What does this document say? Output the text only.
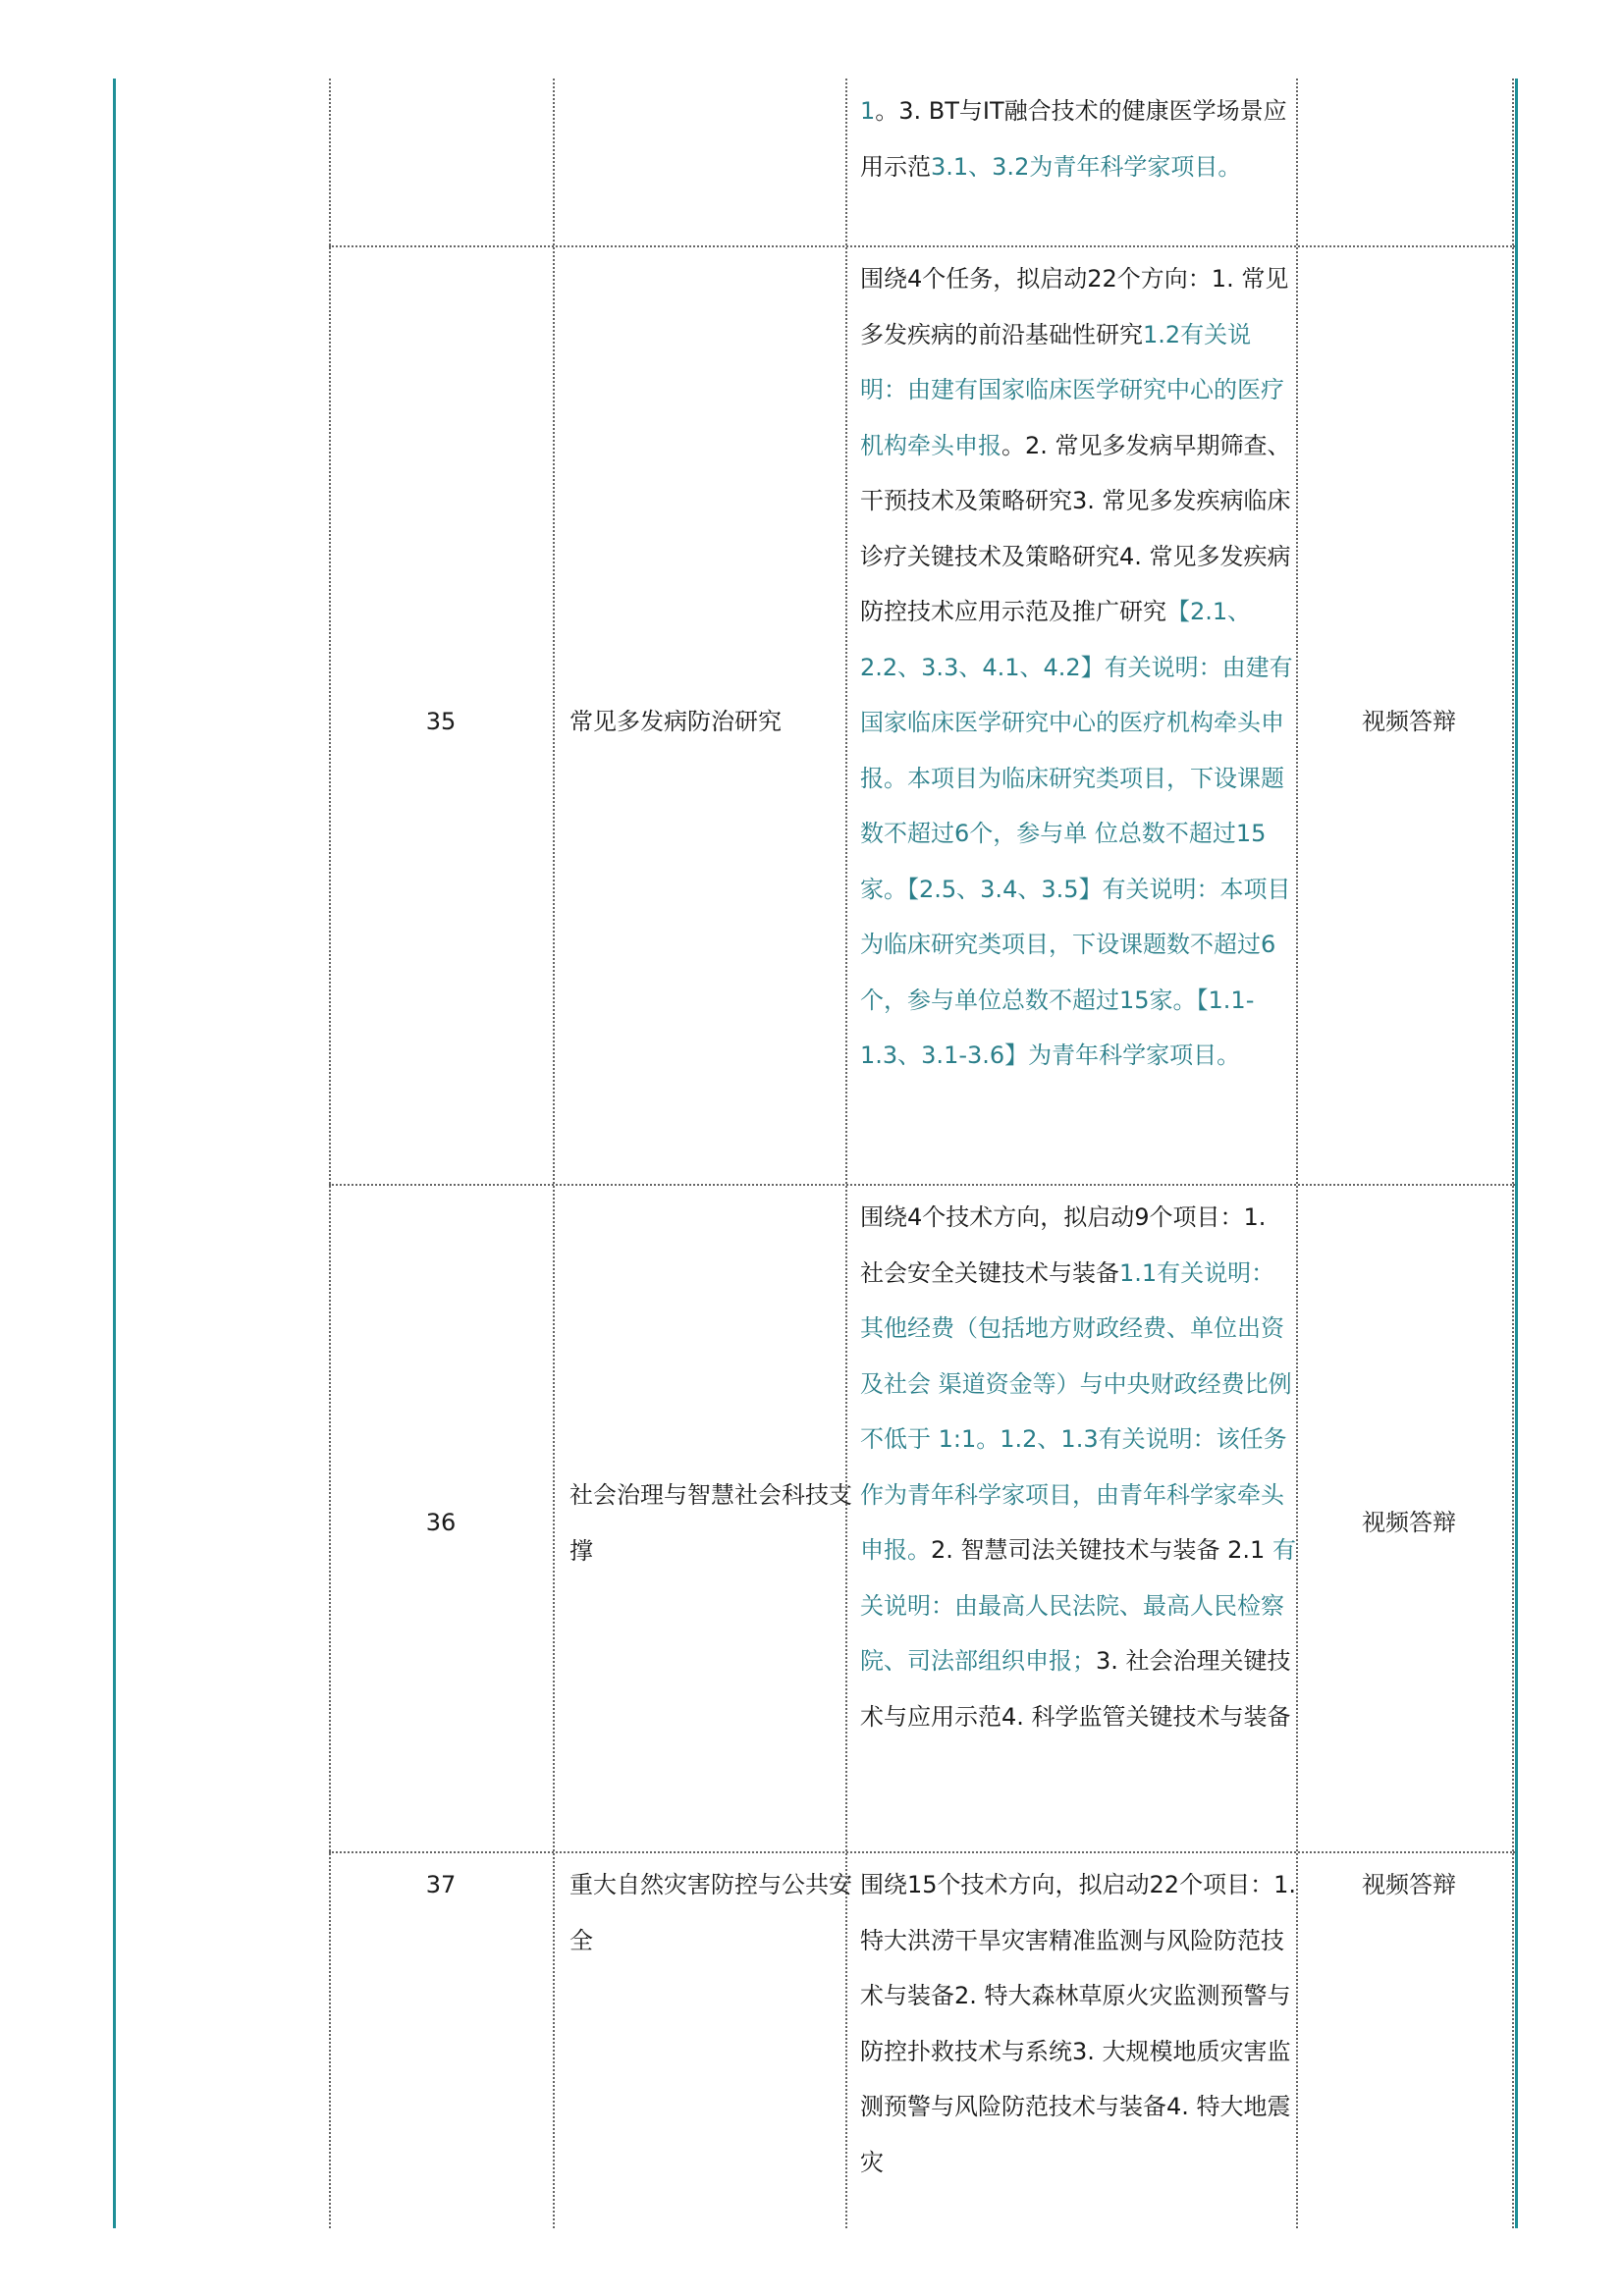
1。3. BT与IT融合技术的健康医学场景应用示范3.1、3.2为青年科学家项目。
35	常见多发病防治研究
围绕4个任务，拟启动22个方向：1. 常见多发疾病的前沿基础性研究1.2有关说明：由建有国家临床医学研究中心的医疗机构牵头申报。2. 常见多发病早期筛查、干预技术及策略研究3. 常见多发疾病临床诊疗关键技术及策略研究4. 常见多发疾病防控技术应用示范及推广研究【2.1、2.2、3.3、4.1、4.2】有关说明：由建有国家临床医学研究中心的医疗机构牵头申报。本项目为临床研究类项目，下设课题数不超过6个，参与单 位总数不超过15家。【2.5、3.4、3.5】有关说明：本项目为临床研究类项目，下设课题数不超过6个，参与单位总数不超过15家。【1.1-1.3、3.1-3.6】为青年科学家项目。
视频答辩
36
社会治理与智慧社会科技支撑
围绕4个技术方向，拟启动9个项目：1. 社会安全关键技术与装备1.1有关说明：其他经费（包括地方财政经费、单位出资及社会 渠道资金等）与中央财政经费比例不低于 1:1。1.2、1.3有关说明：该任务作为青年科学家项目，由青年科学家牵头申报。2. 智慧司法关键技术与装备 2.1 有关说明：由最高人民法院、最高人民检察院、司法部组织申报；3. 社会治理关键技术与应用示范4. 科学监管关键技术与装备
视频答辩
37	重大自然灾害防控与公共安全
围绕15个技术方向，拟启动22个项目：1. 特大洪涝干旱灾害精准监测与风险防范技术与装备2. 特大森林草原火灾监测预警与防控扑救技术与系统3. 大规模地质灾害监测预警与风险防范技术与装备4. 特大地震灾
视频答辩
